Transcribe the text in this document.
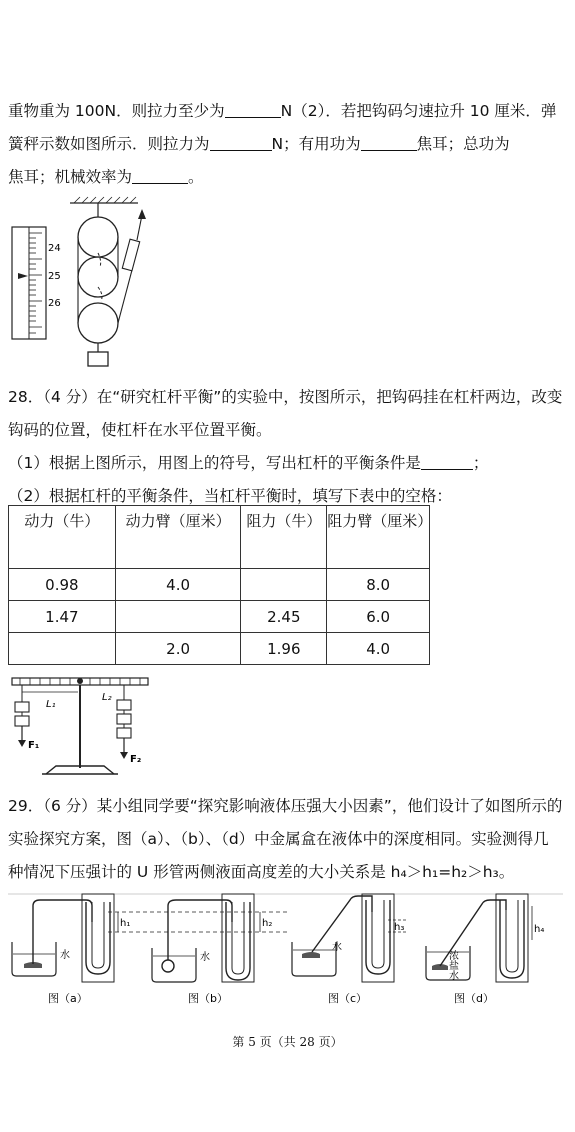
重物重为 100N．则拉力至少为	N（2）．若把钩码匀速拉升 10 厘米．弹
簧秤示数如图所示．则拉力为	N；有用功为	焦耳；总功为
焦耳；机械效率为	。
24
25
26
28．（4 分）在“研究杠杆平衡”的实验中，按图所示，把钩码挂在杠杆两边，改变
钩码的位置，使杠杆在水平位置平衡。
（1）根据上图所示，用图上的符号，写出杠杆的平衡条件是	；
（2）根据杠杆的平衡条件，当杠杆平衡时，填写下表中的空格：
动力（牛）	动力臂（厘米）	阻力（牛）	阻力臂（厘米）
0.98	4.0		8.0
1.47		2.45	6.0
	2.0	1.96	4.0
F₁
L₁
F₂
L₂
29．（6 分）某小组同学要“探究影响液体压强大小因素”，他们设计了如图所示的
实验探究方案，图（a）、（b）、（d）中金属盒在液体中的深度相同。实验测得几
种情况下压强计的 U 形管两侧液面高度差的大小关系是 h₄＞h₁=h₂＞h₃。
水
h₁
图（a）
水
h₂
图（b）
水
h₃
图（c）
浓盐水
h₄
图（d）
第 5 页（共 28 页）
